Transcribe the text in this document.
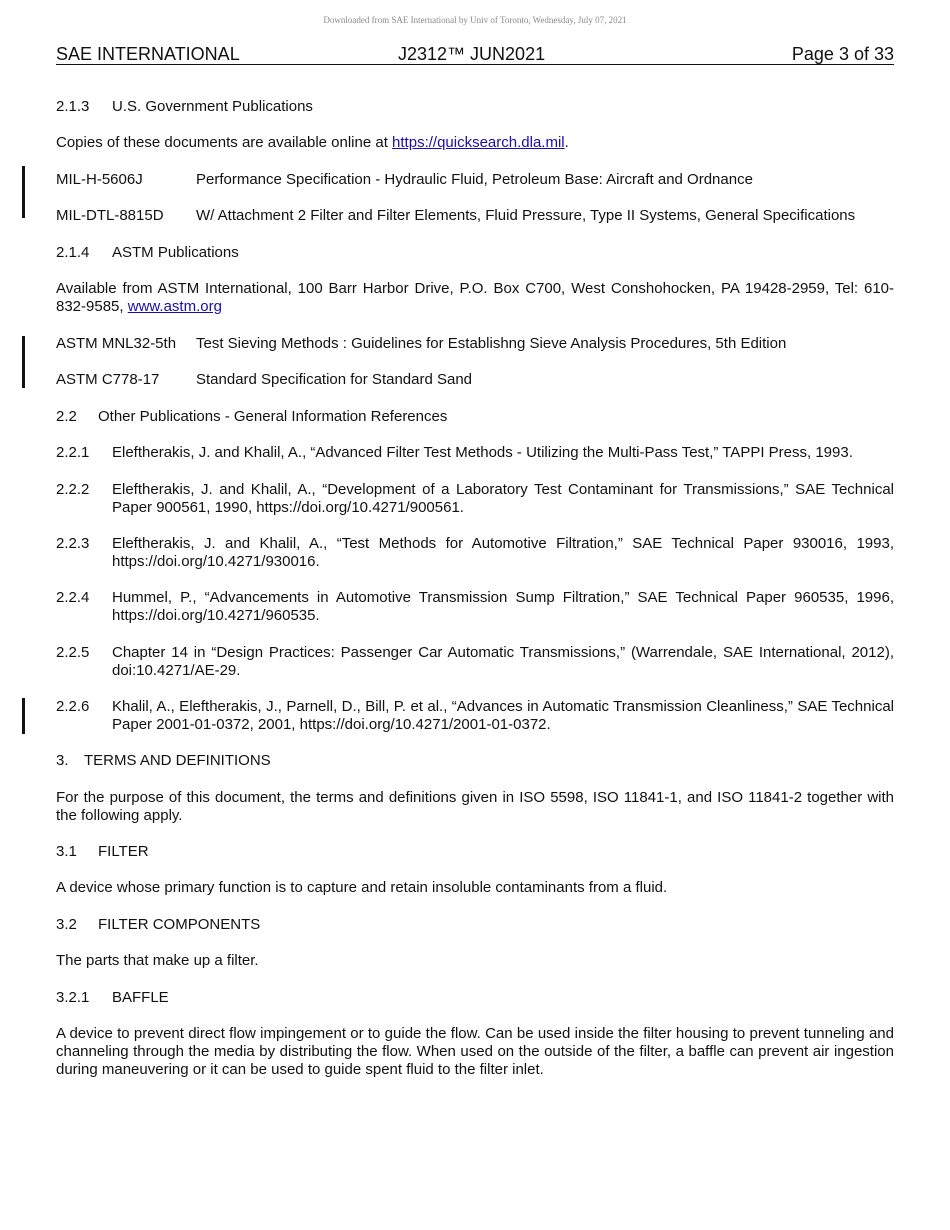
Downloaded from SAE International by Univ of Toronto, Wednesday, July 07, 2021
SAE INTERNATIONAL	J2312™ JUN2021	Page 3 of 33
2.1.3 U.S. Government Publications
Copies of these documents are available online at https://quicksearch.dla.mil.
MIL-H-5606J	Performance Specification - Hydraulic Fluid, Petroleum Base: Aircraft and Ordnance
MIL-DTL-8815D W/ Attachment 2 Filter and Filter Elements, Fluid Pressure, Type II Systems, General Specifications
2.1.4 ASTM Publications
Available from ASTM International, 100 Barr Harbor Drive, P.O. Box C700, West Conshohocken, PA 19428-2959, Tel: 610-832-9585, www.astm.org
ASTM MNL32-5th Test Sieving Methods : Guidelines for Establishng Sieve Analysis Procedures, 5th Edition
ASTM C778-17 Standard Specification for Standard Sand
2.2 Other Publications - General Information References
2.2.1 Eleftherakis, J. and Khalil, A., “Advanced Filter Test Methods - Utilizing the Multi-Pass Test,” TAPPI Press, 1993.
2.2.2 Eleftherakis, J. and Khalil, A., “Development of a Laboratory Test Contaminant for Transmissions,” SAE Technical Paper 900561, 1990, https://doi.org/10.4271/900561.
2.2.3 Eleftherakis, J. and Khalil, A., “Test Methods for Automotive Filtration,” SAE Technical Paper 930016, 1993, https://doi.org/10.4271/930016.
2.2.4 Hummel, P., “Advancements in Automotive Transmission Sump Filtration,” SAE Technical Paper 960535, 1996, https://doi.org/10.4271/960535.
2.2.5 Chapter 14 in “Design Practices: Passenger Car Automatic Transmissions,” (Warrendale, SAE International, 2012), doi:10.4271/AE-29.
2.2.6 Khalil, A., Eleftherakis, J., Parnell, D., Bill, P. et al., “Advances in Automatic Transmission Cleanliness,” SAE Technical Paper 2001-01-0372, 2001, https://doi.org/10.4271/2001-01-0372.
3. TERMS AND DEFINITIONS
For the purpose of this document, the terms and definitions given in ISO 5598, ISO 11841-1, and ISO 11841-2 together with the following apply.
3.1 FILTER
A device whose primary function is to capture and retain insoluble contaminants from a fluid.
3.2 FILTER COMPONENTS
The parts that make up a filter.
3.2.1 BAFFLE
A device to prevent direct flow impingement or to guide the flow. Can be used inside the filter housing to prevent tunneling and channeling through the media by distributing the flow. When used on the outside of the filter, a baffle can prevent air ingestion during maneuvering or it can be used to guide spent fluid to the filter inlet.
